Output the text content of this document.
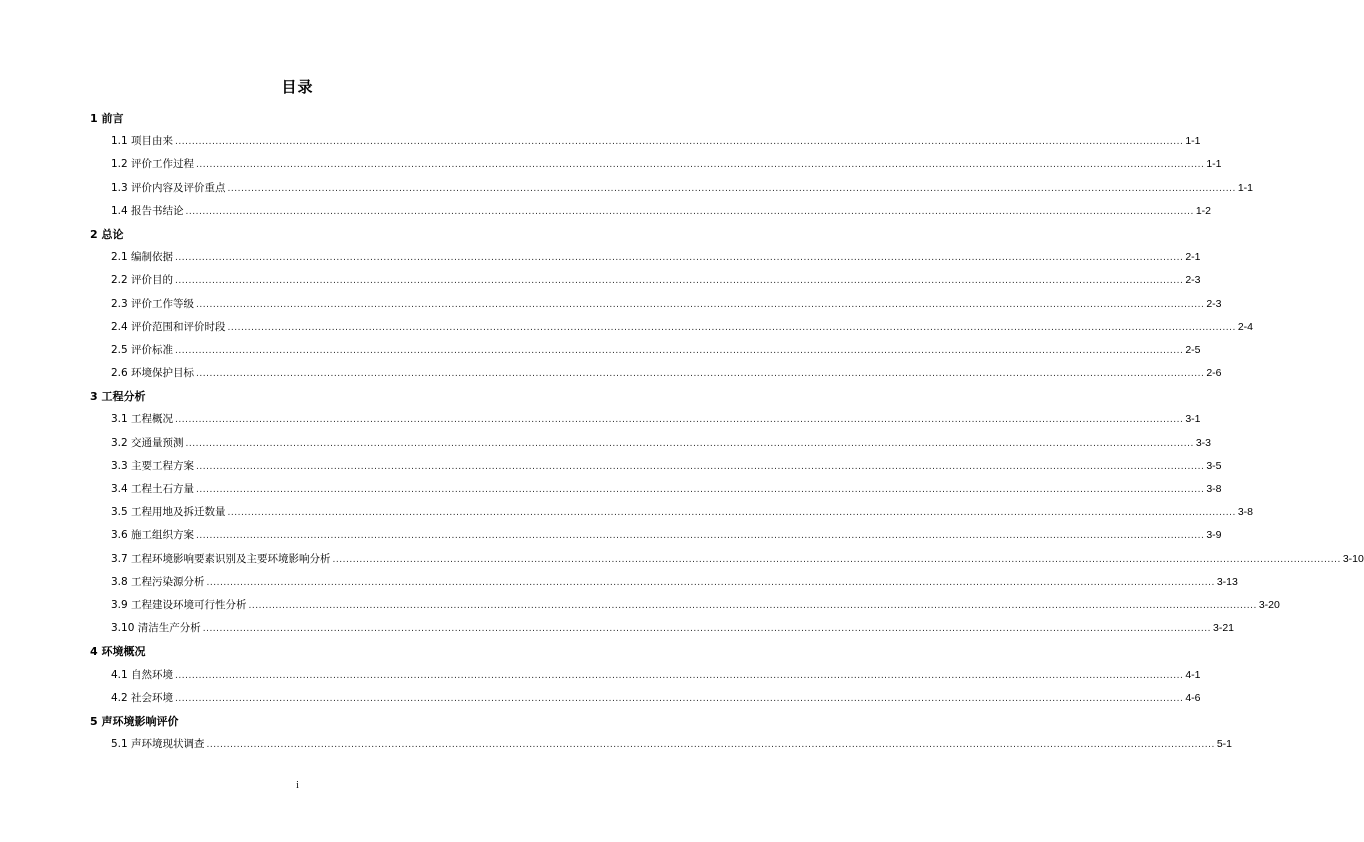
目录
1 前言
1.1 项目由来 ............................................................................................................................................................................................................................................................................................................ 1-1
1.2 评价工作过程 ............................................................................................................................................................................................................................................................................................................ 1-1
1.3 评价内容及评价重点 ............................................................................................................................................................................................................................................................................................................ 1-1
1.4 报告书结论 ............................................................................................................................................................................................................................................................................................................ 1-2
2 总论
2.1 编制依据 ............................................................................................................................................................................................................................................................................................................ 2-1
2.2 评价目的 ............................................................................................................................................................................................................................................................................................................ 2-3
2.3 评价工作等级 ............................................................................................................................................................................................................................................................................................................ 2-3
2.4 评价范围和评价时段 ............................................................................................................................................................................................................................................................................................................ 2-4
2.5 评价标准 ............................................................................................................................................................................................................................................................................................................ 2-5
2.6 环境保护目标 ............................................................................................................................................................................................................................................................................................................ 2-6
3 工程分析
3.1 工程概况 ............................................................................................................................................................................................................................................................................................................ 3-1
3.2 交通量预测 ............................................................................................................................................................................................................................................................................................................ 3-3
3.3 主要工程方案 ............................................................................................................................................................................................................................................................................................................ 3-5
3.4 工程土石方量 ............................................................................................................................................................................................................................................................................................................ 3-8
3.5 工程用地及拆迁数量 ............................................................................................................................................................................................................................................................................................................ 3-8
3.6 施工组织方案 ............................................................................................................................................................................................................................................................................................................ 3-9
3.7 工程环境影响要素识别及主要环境影响分析 ............................................................................................................................................................................................................................................................................................................ 3-10
3.8 工程污染源分析 ............................................................................................................................................................................................................................................................................................................ 3-13
3.9 工程建设环境可行性分析 ............................................................................................................................................................................................................................................................................................................ 3-20
3.10 清洁生产分析 ............................................................................................................................................................................................................................................................................................................ 3-21
4 环境概况
4.1 自然环境 ............................................................................................................................................................................................................................................................................................................ 4-1
4.2 社会环境 ............................................................................................................................................................................................................................................................................................................ 4-6
5 声环境影响评价
5.1 声环境现状调查 ............................................................................................................................................................................................................................................................................................................ 5-1
i
